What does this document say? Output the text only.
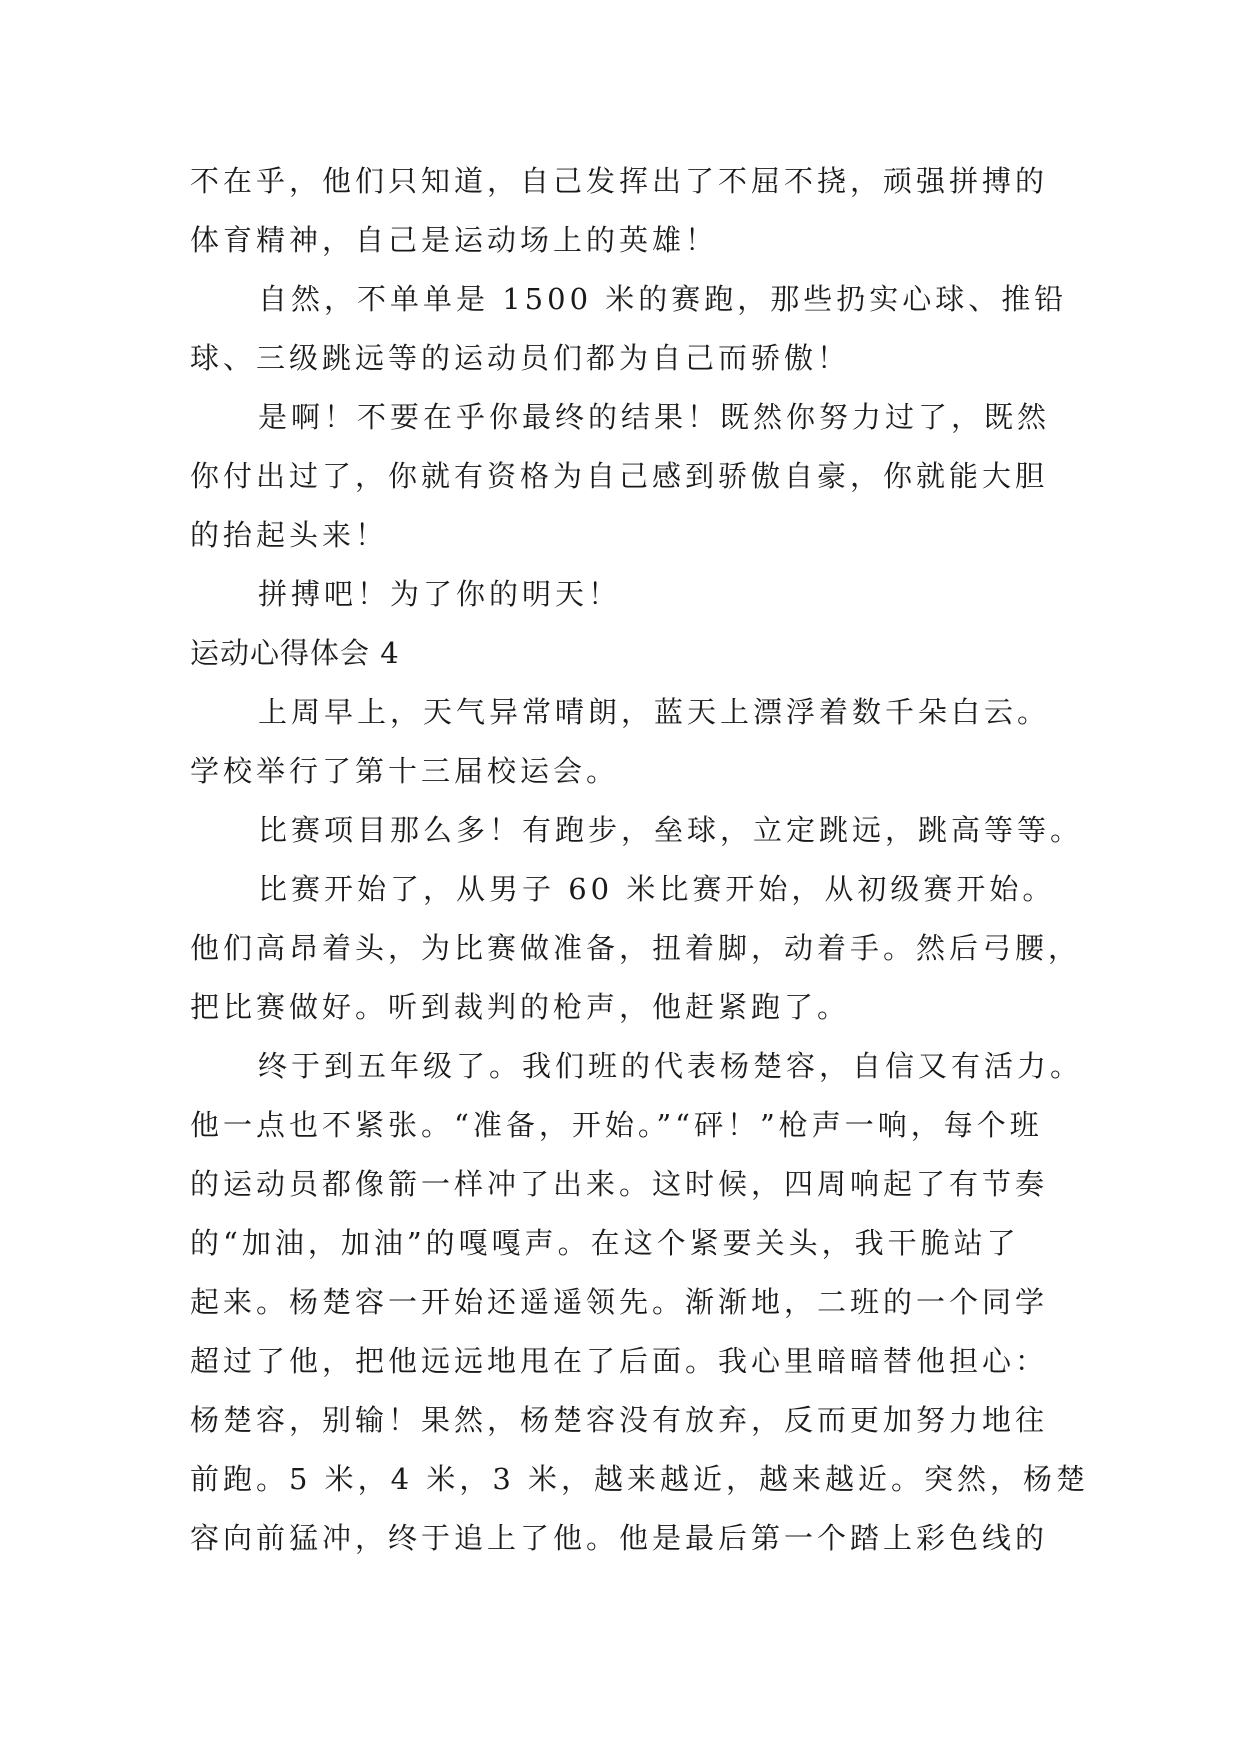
不在乎，他们只知道，自己发挥出了不屈不挠，顽强拼搏的
体育精神，自己是运动场上的英雄！
自然，不单单是 1500 米的赛跑，那些扔实心球、推铅
球、三级跳远等的运动员们都为自己而骄傲！
是啊！不要在乎你最终的结果！既然你努力过了，既然
你付出过了，你就有资格为自己感到骄傲自豪，你就能大胆
的抬起头来！
拼搏吧！为了你的明天！
运动心得体会 4
上周早上，天气异常晴朗，蓝天上漂浮着数千朵白云。
学校举行了第十三届校运会。
比赛项目那么多！有跑步，垒球，立定跳远，跳高等等。
比赛开始了，从男子 60 米比赛开始，从初级赛开始。
他们高昂着头，为比赛做准备，扭着脚，动着手。然后弓腰，
把比赛做好。听到裁判的枪声，他赶紧跑了。
终于到五年级了。我们班的代表杨楚容，自信又有活力。
他一点也不紧张。“准备，开始。”“砰！”枪声一响，每个班
的运动员都像箭一样冲了出来。这时候，四周响起了有节奏
的“加油，加油”的嘎嘎声。在这个紧要关头，我干脆站了
起来。杨楚容一开始还遥遥领先。渐渐地，二班的一个同学
超过了他，把他远远地甩在了后面。我心里暗暗替他担心：
杨楚容，别输！果然，杨楚容没有放弃，反而更加努力地往
前跑。5 米，4 米，3 米，越来越近，越来越近。突然，杨楚
容向前猛冲，终于追上了他。他是最后第一个踏上彩色线的
